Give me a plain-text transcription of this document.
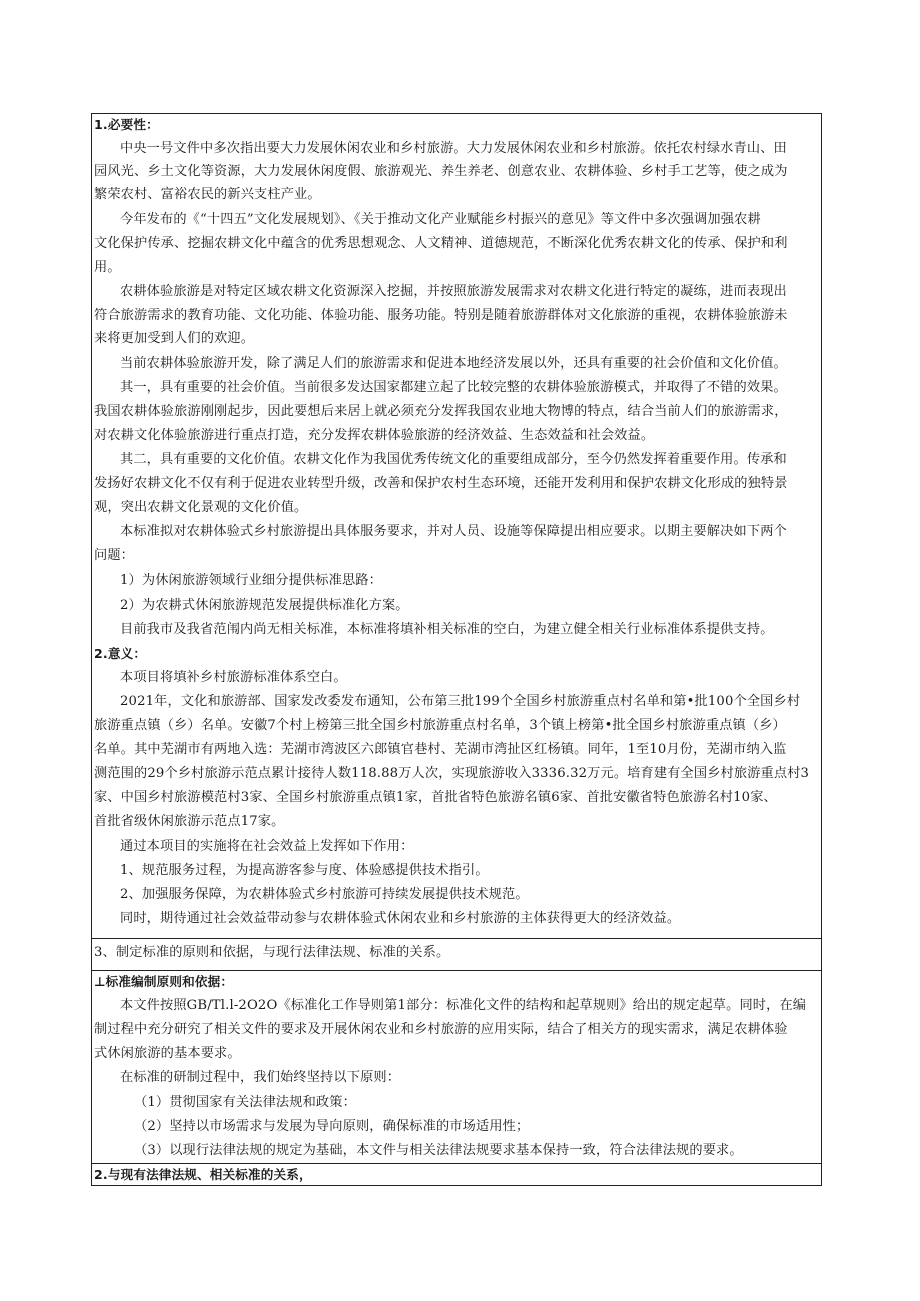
1.必要性：
中央一号文件中多次指出要大力发展休闲农业和乡村旅游。大力发展休闲农业和乡村旅游。依托农村绿水青山、田
园风光、乡土文化等资源，大力发展休闲度假、旅游观光、养生养老、创意农业、农耕体验、乡村手工艺等，使之成为
繁荣农村、富裕农民的新兴支柱产业。
今年发布的《“十四五”文化发展规划》、《关于推动文化产业赋能乡村振兴的意见》等文件中多次强调加强农耕
文化保护传承、挖掘农耕文化中蕴含的优秀思想观念、人文精神、道德规范，不断深化优秀农耕文化的传承、保护和利
用。
农耕体验旅游是对特定区域农耕文化资源深入挖掘，并按照旅游发展需求对农耕文化进行特定的凝练，进而表现出
符合旅游需求的教育功能、文化功能、体验功能、服务功能。特别是随着旅游群体对文化旅游的重视，农耕体验旅游未
来将更加受到人们的欢迎。
当前农耕体验旅游开发，除了满足人们的旅游需求和促进本地经济发展以外，还具有重要的社会价值和文化价值。
其一，具有重要的社会价值。当前很多发达国家都建立起了比较完整的农耕体验旅游模式，并取得了不错的效果。
我国农耕体验旅游刚刚起步，因此要想后来居上就必须充分发挥我国农业地大物博的特点，结合当前人们的旅游需求，
对农耕文化体验旅游进行重点打造，充分发挥农耕体验旅游的经济效益、生态效益和社会效益。
其二，具有重要的文化价值。农耕文化作为我国优秀传统文化的重要组成部分，至今仍然发挥着重要作用。传承和
发扬好农耕文化不仅有利于促进农业转型升级，改善和保护农村生态环境，还能开发利用和保护农耕文化形成的独特景
观，突出农耕文化景观的文化价值。
本标准拟对农耕体验式乡村旅游提出具体服务要求，并对人员、设施等保障提出相应要求。以期主要解决如下两个
问题：
1）为休闲旅游领域行业细分提供标准思路：
2）为农耕式休闲旅游规范发展提供标准化方案。
目前我市及我省范闱内尚无相关标准，本标准将填补相关标准的空白，为建立健全相关行业标准体系提供支持。
2.意义：
本项目将填补乡村旅游标准体系空白。
2021年，文化和旅游部、国家发改委发布通知，公布第三批199个全国乡村旅游重点村名单和第•批100个全国乡村
旅游重点镇（乡）名单。安徽7个村上榜第三批全国乡村旅游重点村名单，3个镇上榜第•批全国乡村旅游重点镇（乡）
名单。其中芜湖市有两地入选：芜湖市湾波区六郎镇官巷村、芜湖市湾扯区红杨镇。同年，1至10月份，芜湖市纳入监
测范围的29个乡村旅游示范点累计接待人数118.88万人次，实现旅游收入3336.32万元。培育建有全国乡村旅游重点村3
家、中国乡村旅游模范村3家、全国乡村旅游重点镇1家，首批省特色旅游名镇6家、首批安徽省特色旅游名村10家、
首批省级休闲旅游示范点17家。
通过本项目的实施将在社会效益上发挥如下作用：
1、规范服务过程，为提高游客参与度、体验感提供技术指引。
2、加强服务保障，为农耕体验式乡村旅游可持续发展提供技术规范。
同时，期待通过社会效益带动参与农耕体验式休闲农业和乡村旅游的主体获得更大的经济效益。
3、制定标准的原则和依据，与现行法律法规、标准的关系。
⊥标准编制原则和依据：
本文件按照GB/Tl.l-2O2O《标准化工作导则第1部分：标准化文件的结构和起草规则》给出的规定起草。同时，在编
制过程中充分研究了相关文件的要求及开展休闲农业和乡村旅游的应用实际，结合了相关方的现实需求，满足农耕体验
式休闲旅游的基本要求。
在标准的研制过程中，我们始终坚持以下原则：
（1）贯彻国家有关法律法规和政策：
（2）坚持以市场需求与发展为导向原则，确保标准的市场适用性；
（3）以现行法律法规的规定为基础，本文件与相关法律法规要求基本保持一致，符合法律法规的要求。
2.与现有法律法规、相关标准的关系，
